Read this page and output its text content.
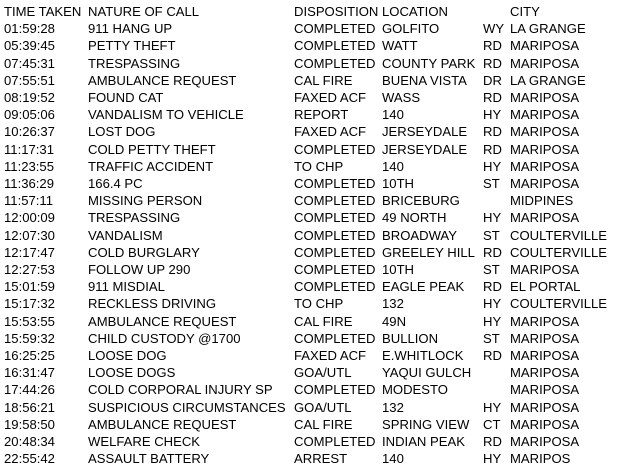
TIME TAKEN	NATURE OF CALL	DISPOSITION	LOCATION		CITY
01:59:28	911 HANG UP	COMPLETED	GOLFITO	WY	LA GRANGE
05:39:45	PETTY THEFT	COMPLETED	WATT	RD	MARIPOSA
07:45:31	TRESPASSING	COMPLETED	COUNTY PARK	RD	MARIPOSA
07:55:51	AMBULANCE REQUEST	CAL FIRE	BUENA VISTA	DR	LA GRANGE
08:19:52	FOUND CAT	FAXED ACF	WASS	RD	MARIPOSA
09:05:06	VANDALISM TO VEHICLE	REPORT	140	HY	MARIPOSA
10:26:37	LOST DOG	FAXED ACF	JERSEYDALE	RD	MARIPOSA
11:17:31	COLD PETTY THEFT	COMPLETED	JERSEYDALE	RD	MARIPOSA
11:23:55	TRAFFIC ACCIDENT	TO CHP	140	HY	MARIPOSA
11:36:29	166.4 PC	COMPLETED	10TH	ST	MARIPOSA
11:57:11	MISSING PERSON	COMPLETED	BRICEBURG		MIDPINES
12:00:09	TRESPASSING	COMPLETED	49 NORTH	HY	MARIPOSA
12:07:30	VANDALISM	COMPLETED	BROADWAY	ST	COULTERVILLE
12:17:47	COLD BURGLARY	COMPLETED	GREELEY HILL	RD	COULTERVILLE
12:27:53	FOLLOW UP 290	COMPLETED	10TH	ST	MARIPOSA
15:01:59	911 MISDIAL	COMPLETED	EAGLE PEAK	RD	EL PORTAL
15:17:32	RECKLESS DRIVING	TO CHP	132	HY	COULTERVILLE
15:53:55	AMBULANCE REQUEST	CAL FIRE	49N	HY	MARIPOSA
15:59:32	CHILD CUSTODY @1700	COMPLETED	BULLION	ST	MARIPOSA
16:25:25	LOOSE DOG	FAXED ACF	E.WHITLOCK	RD	MARIPOSA
16:31:47	LOOSE DOGS	GOA/UTL	YAQUI GULCH		MARIPOSA
17:44:26	COLD CORPORAL INJURY SP	COMPLETED	MODESTO		MARIPOSA
18:56:21	SUSPICIOUS CIRCUMSTANCES	GOA/UTL	132	HY	MARIPOSA
19:58:50	AMBULANCE REQUEST	CAL FIRE	SPRING VIEW	CT	MARIPOSA
20:48:34	WELFARE CHECK	COMPLETED	INDIAN PEAK	RD	MARIPOSA
22:55:42	ASSAULT BATTERY	ARREST	140	HY	MARIPOS
